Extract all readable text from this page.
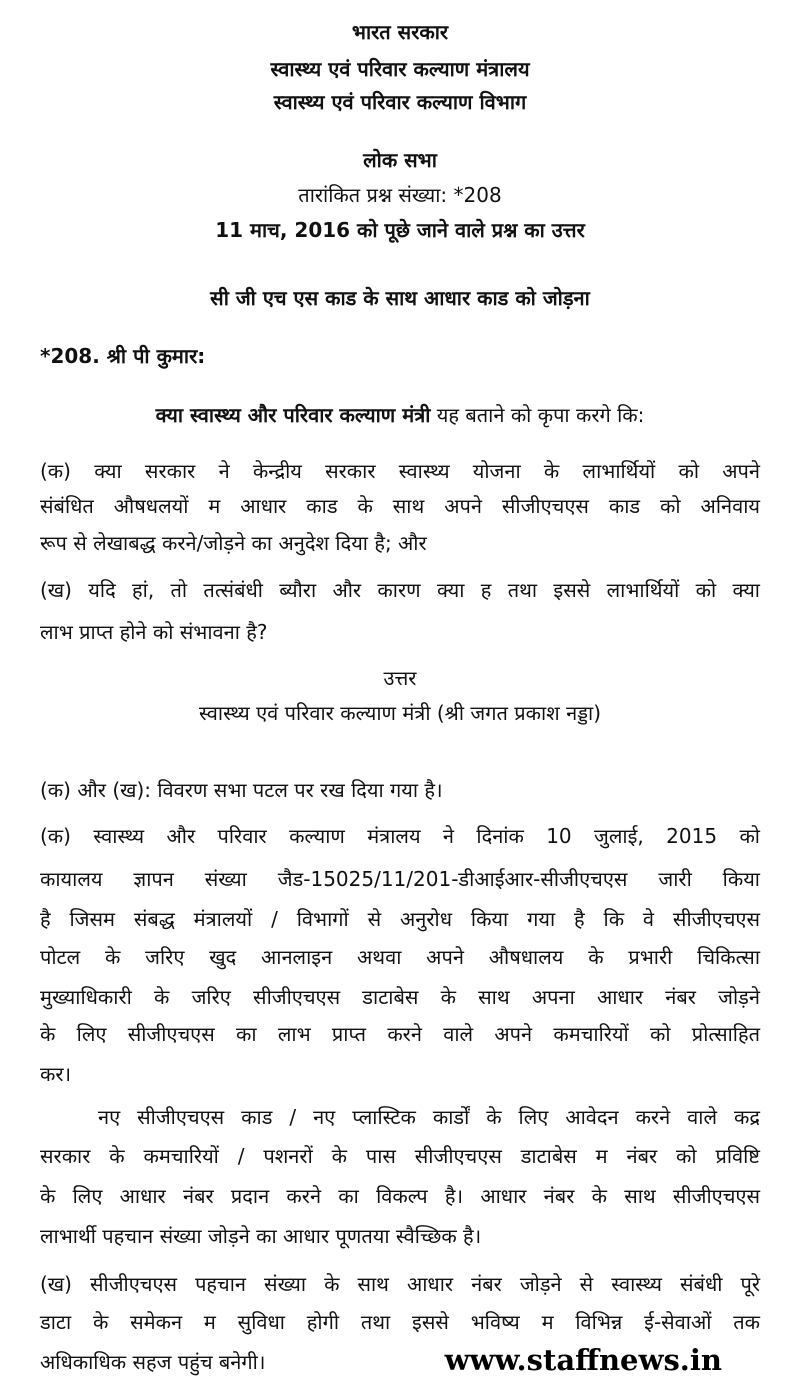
भारत सरकार
स्वास्थ्य एवं परिवार कल्याण मंत्रालय
स्वास्थ्य एवं परिवार कल्याण विभाग
लोक सभा
तारांकित प्रश्न संख्या: *208
11 माच, 2016 को पूछे जाने वाले प्रश्न का उत्तर
सी जी एच एस काड के साथ आधार काड को जोड़ना
*208. श्री पी कुमार:
क्या स्वास्थ्य और परिवार कल्याण मंत्री यह बताने को कृपा करगे कि:
(क) क्या सरकार ने केन्द्रीय सरकार स्वास्थ्य योजना के लाभार्थियों को अपने
संबंधित औषधलयों म आधार काड के साथ अपने सीजीएचएस काड को अनिवाय
रूप से लेखाबद्ध करने/जोड़ने का अनुदेश दिया है; और
(ख) यदि हां, तो तत्संबंधी ब्यौरा और कारण क्या ह तथा इससे लाभार्थियों को क्या
लाभ प्राप्त होने को संभावना है?
उत्तर
स्वास्थ्य एवं परिवार कल्याण मंत्री (श्री जगत प्रकाश नड्डा)
(क) और (ख): विवरण सभा पटल पर रख दिया गया है।
(क) स्वास्थ्य और परिवार कल्याण मंत्रालय ने दिनांक 10 जुलाई, 2015 को
कायालय ज्ञापन संख्या जैड-15025/11/201-डीआईआर-सीजीएचएस जारी किया
है जिसम संबद्ध मंत्रालयों / विभागों से अनुरोध किया गया है कि वे सीजीएचएस
पोटल के जरिए खुद आनलाइन अथवा अपने औषधालय के प्रभारी चिकित्सा
मुख्याधिकारी के जरिए सीजीएचएस डाटाबेस के साथ अपना आधार नंबर जोड़ने
के लिए सीजीएचएस का लाभ प्राप्त करने वाले अपने कमचारियों को प्रोत्साहित
कर।
नए सीजीएचएस काड / नए प्लास्टिक कार्डों के लिए आवेदन करने वाले कद्र
सरकार के कमचारियों / पशनरों के पास सीजीएचएस डाटाबेस म नंबर को प्रविष्टि
के लिए आधार नंबर प्रदान करने का विकल्प है। आधार नंबर के साथ सीजीएचएस
लाभार्थी पहचान संख्या जोड़ने का आधार पूणतया स्वैच्छिक है।
(ख) सीजीएचएस पहचान संख्या के साथ आधार नंबर जोड़ने से स्वास्थ्य संबंधी पूरे
डाटा के समेकन म सुविधा होगी तथा इससे भविष्य म विभिन्न ई-सेवाओं तक
अधिकाधिक सहज पहुंच बनेगी।	www.staffnews.in
